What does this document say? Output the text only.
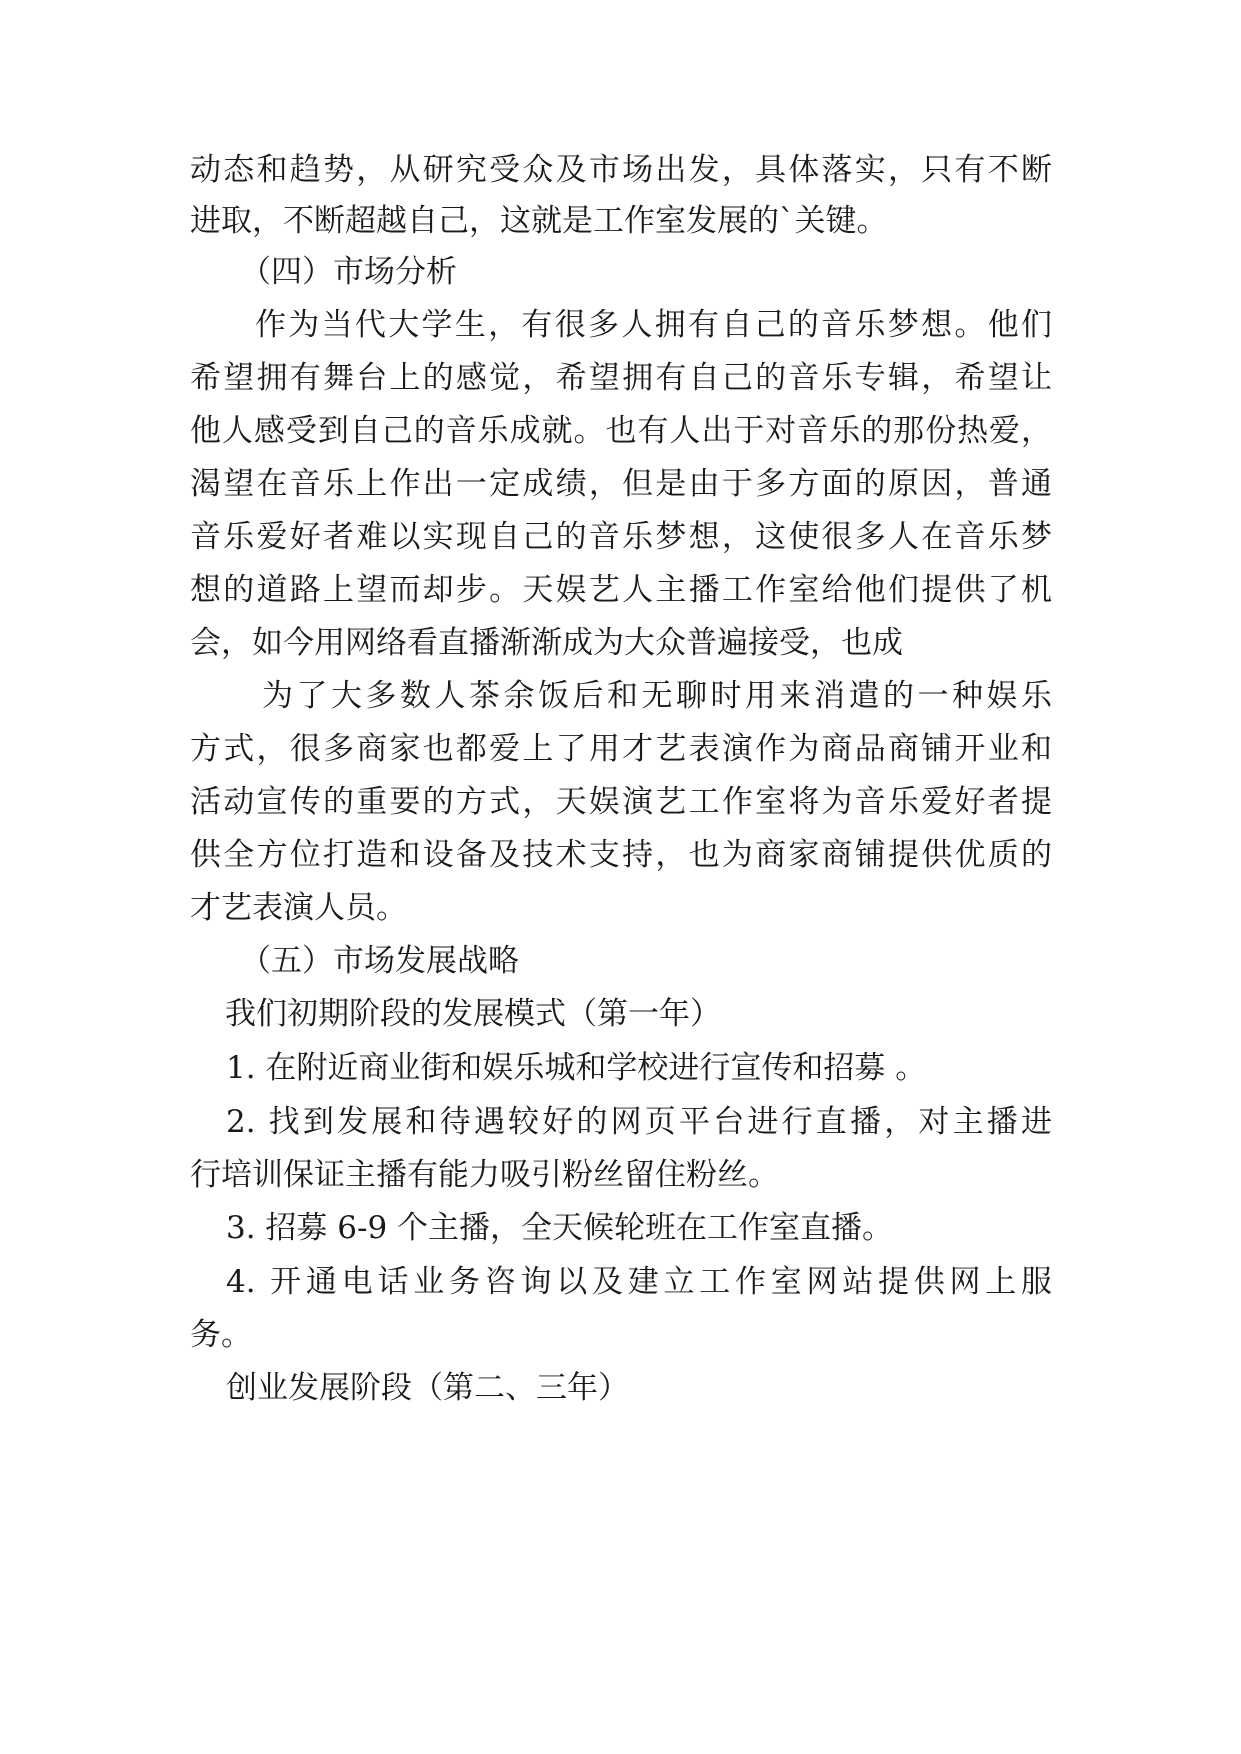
动态和趋势，从研究受众及市场出发，具体落实，只有不断
进取，不断超越自己，这就是工作室发展的`关键。
（四）市场分析
作为当代大学生，有很多人拥有自己的音乐梦想。他们
希望拥有舞台上的感觉，希望拥有自己的音乐专辑，希望让
他人感受到自己的音乐成就。也有人出于对音乐的那份热爱，
渴望在音乐上作出一定成绩，但是由于多方面的原因，普通
音乐爱好者难以实现自己的音乐梦想，这使很多人在音乐梦
想的道路上望而却步。天娱艺人主播工作室给他们提供了机
会，如今用网络看直播渐渐成为大众普遍接受，也成
为了大多数人茶余饭后和无聊时用来消遣的一种娱乐
方式，很多商家也都爱上了用才艺表演作为商品商铺开业和
活动宣传的重要的方式，天娱演艺工作室将为音乐爱好者提
供全方位打造和设备及技术支持，也为商家商铺提供优质的
才艺表演人员。
（五）市场发展战略
我们初期阶段的发展模式（第一年）
1. 在附近商业街和娱乐城和学校进行宣传和招募 。
2. 找到发展和待遇较好的网页平台进行直播，对主播进
行培训保证主播有能力吸引粉丝留住粉丝。
3. 招募 6-9 个主播，全天候轮班在工作室直播。
4. 开通电话业务咨询以及建立工作室网站提供网上服
务。
创业发展阶段（第二、三年）
